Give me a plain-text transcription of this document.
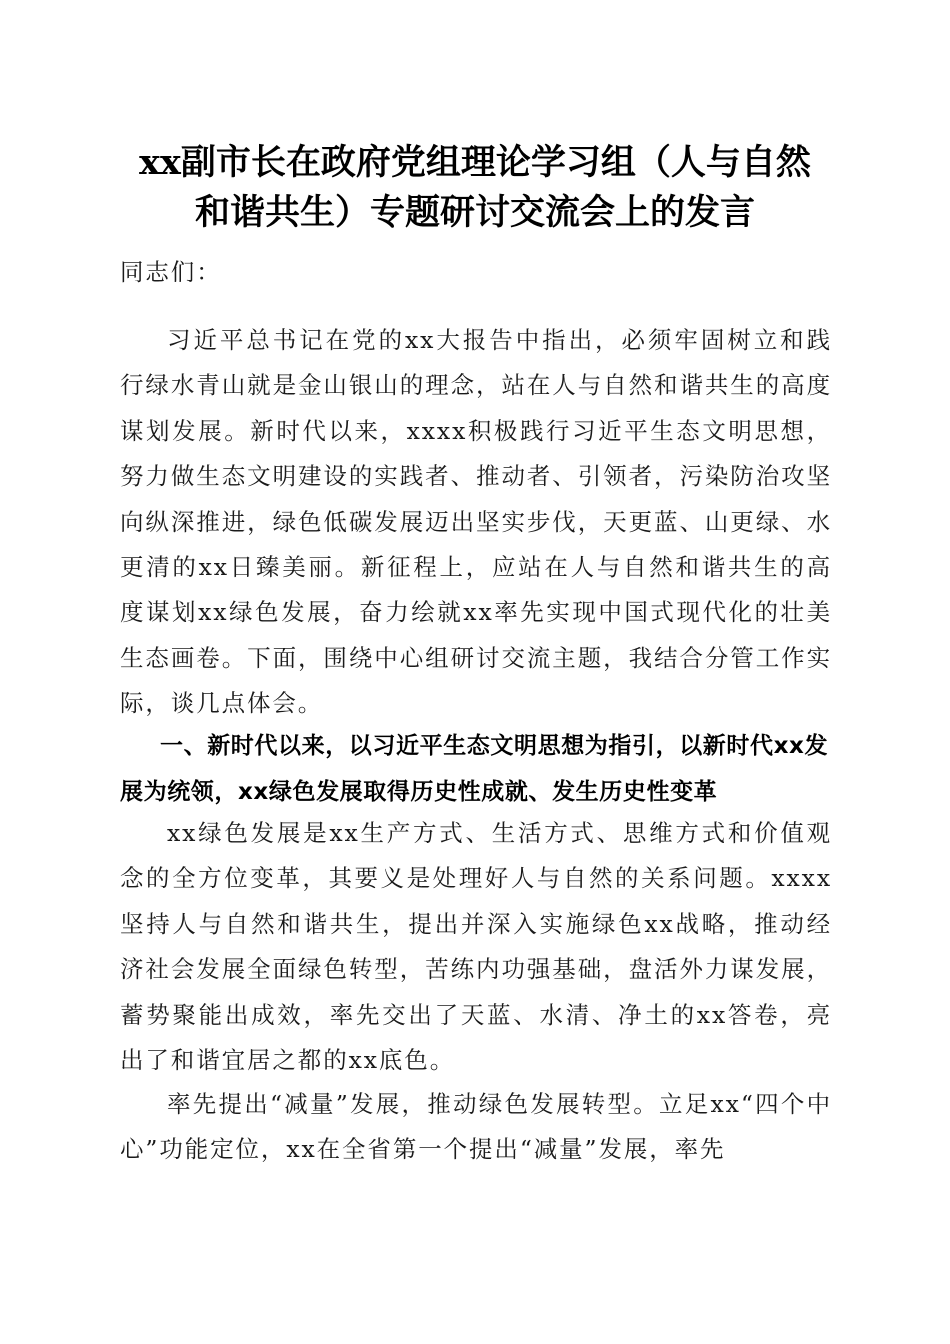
xx副市长在政府党组理论学习组（人与自然
和谐共生）专题研讨交流会上的发言
同志们：

习近平总书记在党的xx大报告中指出，必须牢固树立和践行绿水青山就是金山银山的理念，站在人与自然和谐共生的高度谋划发展。新时代以来，xxxx积极践行习近平生态文明思想，努力做生态文明建设的实践者、推动者、引领者，污染防治攻坚向纵深推进，绿色低碳发展迈出坚实步伐，天更蓝、山更绿、水更清的xx日臻美丽。新征程上，应站在人与自然和谐共生的高度谋划xx绿色发展，奋力绘就xx率先实现中国式现代化的壮美生态画卷。下面，围绕中心组研讨交流主题，我结合分管工作实际，谈几点体会。

一、新时代以来，以习近平生态文明思想为指引，以新时代xx发展为统领，xx绿色发展取得历史性成就、发生历史性变革

xx绿色发展是xx生产方式、生活方式、思维方式和价值观念的全方位变革，其要义是处理好人与自然的关系问题。xxxx坚持人与自然和谐共生，提出并深入实施绿色xx战略，推动经济社会发展全面绿色转型，苦练内功强基础，盘活外力谋发展，蓄势聚能出成效，率先交出了天蓝、水清、净土的xx答卷，亮出了和谐宜居之都的xx底色。

率先提出“减量”发展，推动绿色发展转型。立足xx“四个中心”功能定位，xx在全省第一个提出“减量”发展，率先
